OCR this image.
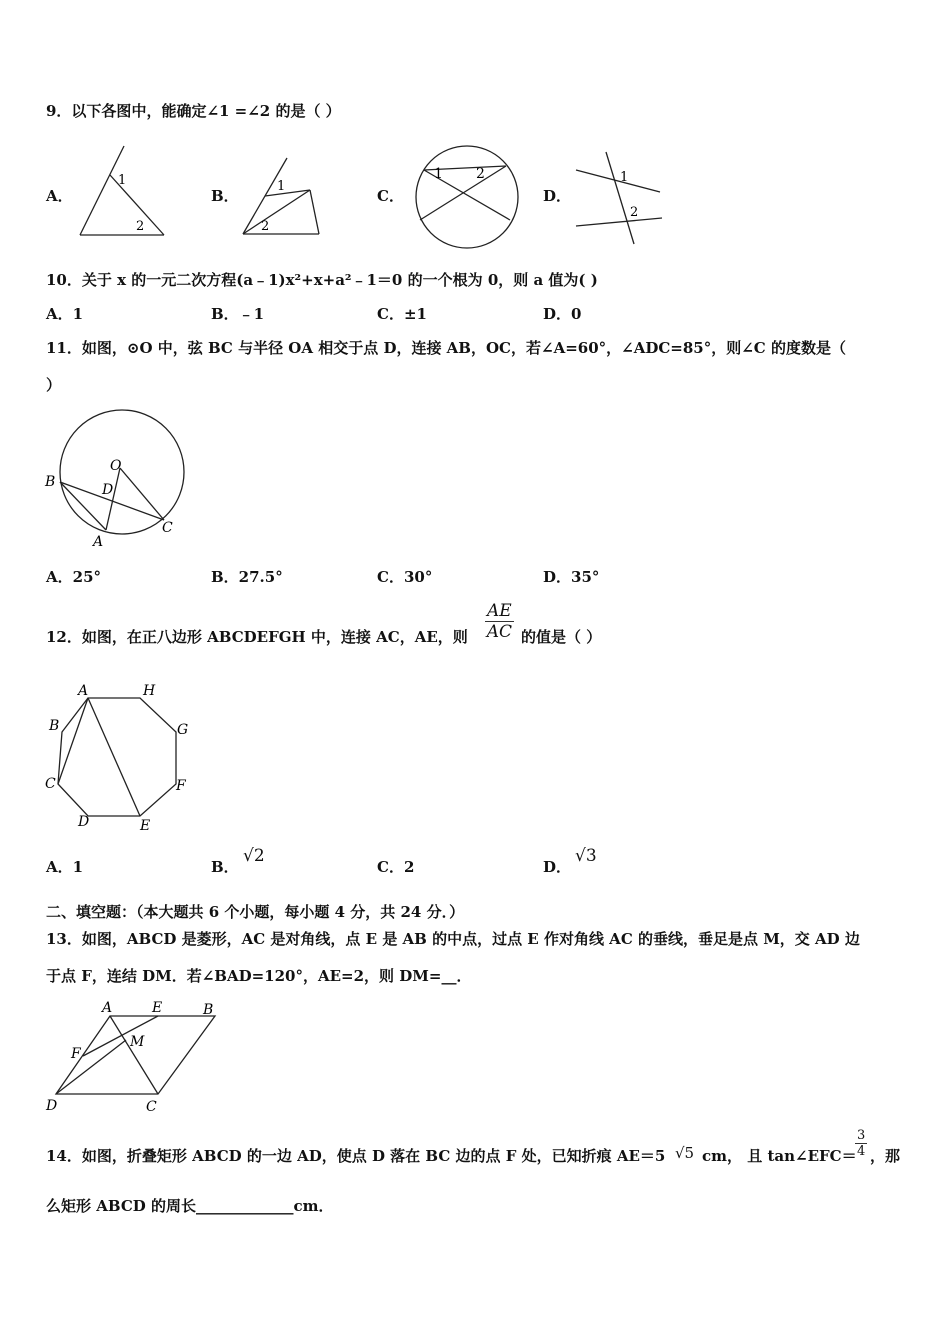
9．以下各图中，能确定∠1 =∠2 的是（ ）
A．
1
2
B．
1
2
C．
1 2
D．
1
2
10．关于 x 的一元二次方程(a﹣1)x²+x+a²﹣1＝0 的一个根为 0，则 a 值为( )
A．1	B．﹣1	C．±1	D．0
11．如图，⊙O 中，弦 BC 与半径 OA 相交于点 D，连接 AB，OC，若∠A=60°，∠ADC=85°，则∠C 的度数是（
）
B
O
D
A
C
A．25°	B．27.5°	C．30°	D．35°
12．如图，在正八边形 ABCDEFGH 中，连接 AC，AE，则 $\frac{AE}{AC}$ 的值是（ ）
A	H
B	G
C	F
D	E
A．1	B．
√2
C．2	D．
√3
二、填空题：（本大题共 6 个小题，每小题 4 分，共 24 分．）
13．如图，ABCD 是菱形，AC 是对角线，点 E 是 AB 的中点，过点 E 作对角线 AC 的垂线，垂足是点 M，交 AD 边
于点 F，连结 DM．若∠BAD=120°，AE=2，则 DM=__．
A	E	B
F
M
D	C
14．如图，折叠矩形 ABCD 的一边 AD，使点 D 落在 BC 边的点 F 处，已知折痕 AE＝5 √5 cm， 且 tan∠EFC＝
$\frac{3}{4}$ ，那
么矩形 ABCD 的周长_____________cm．
